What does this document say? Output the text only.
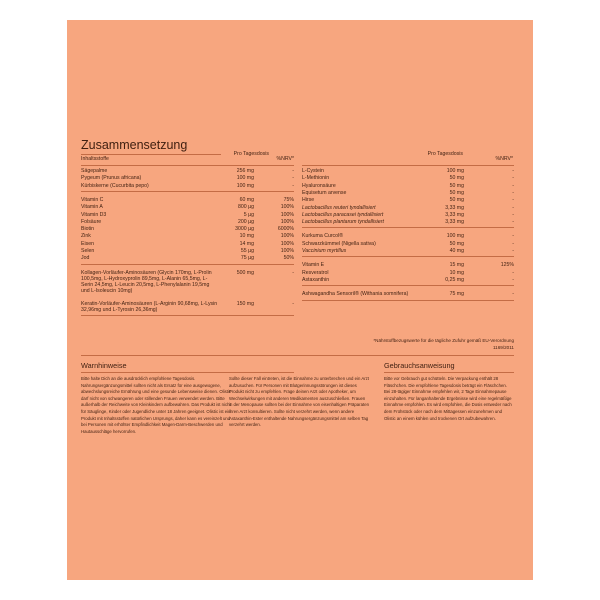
Zusammensetzung
Inhaltsstoffe
Pro Tagesdosis
%NRV*
Sägepalme	256 mg	-
Pygeum (Prunus africana)	100 mg	-
Kürbiskerne (Cucurbita pepo)	100 mg	-
Vitamin C	60 mg	75%
Vitamin A	800 µg	100%
Vitamin D3	5 µg	100%
Folsäure	200 µg	100%
Biotin	3000 µg	6000%
Zink	10 mg	100%
Eisen	14 mg	100%
Selen	55 µg	100%
Jod	75 µg	50%
Kollagen-Vorläufer-Aminosäuren (Glycin 170mg, L-Prolin 100,5mg, L-Hydroxyprolin 89,5mg, L-Alanin 65,5mg, L-Serin 24,5mg, L-Leucin 20,5mg, L-Phenylalanin 19,5mg und L-Isoleucin 10mg)
500 mg	-
Keratin-Vorläufer-Aminosäuren (L-Arginin 90,68mg, L-Lysin 32,96mg und L-Tyrosin 26,36mg)
150 mg	-
Pro Tagesdosis
%NRV*
L-Cystein	100 mg	-
L-Methionin	50 mg	-
Hyaluronsäure	50 mg	-
Equisetum arvense	50 mg	-
Hirse	50 mg	-
Lactobacillus reuteri tyndallisiert	3,33 mg	-
Lactobacillus paracasei tyndallisiert	3,33 mg	-
Lactobacillus plantarum tyndallisiert	3,33 mg	-
Kurkuma Curcol®	100 mg	-
Schwarzkümmel (Nigella sativa)	50 mg	-
Vaccinium myrtillus	40 mg	-
Vitamin E	15 mg	125%
Resveratrol	10 mg	-
Astaxanthin	0,25 mg	-
Ashwagandha Sensoril® (Withania somnifera)	75 mg	-
*Nährstoffbezugswerte für die tägliche Zufuhr gemäß EU-Verordnung 1169/2011
Warnhinweise
Bitte halte Dich an die ausdrücklich empfohlene Tagesdosis. Nahrungsergänzungsmittel sollten nicht als Ersatz für eine ausgewogene, abwechslungsreiche Ernährung und eine gesunde Lebensweise dienen. Olistic darf nicht von schwangeren oder stillenden Frauen verwendet werden. Bitte außerhalb der Reichweite von Kleinkindern aufbewahren. Das Produkt ist nicht für Säuglinge, Kinder oder Jugendliche unter 18 Jahren geeignet. Olistic ist ein Produkt mit Inhaltsstoffen natürlichen Ursprungs, daher kann es vereinzelt und bei Personen mit erhöhter Empfindlichkeit Magen-Darm-Beschwerden und Hautausschläge hervorrufen.
Sollte dieser Fall eintreten, ist die Einnahme zu unterbrechen und ein Arzt aufzusuchen. Für Personen mit Blutgerinnungsstörungen ist dieses Produkt nicht zu empfehlen. Frage deinen Arzt oder Apotheker, um Wechselwirkungen mit anderen Medikamenten auszuschließen. Frauen in der Menopause sollten bei der Einnahme von eisenhaltigen Präparaten ihren Arzt konsultieren. Sollte nicht verzehrt werden, wenn andere Astaxanthin-Ester enthaltende Nahrungsergänzungsmittel am selben Tag verzehrt werden.
Gebrauchsanweisung
Bitte vor Gebrauch gut schütteln. Die Verpackung enthält 28 Fläschchen. Die empfohlene Tagesdosis beträgt ein Fläschchen. Bei 28-tägiger Einnahme empfehlen wir, 2 Tage Einnahmepause einzuhalten. Für langanhaltende Ergebnisse wird eine regelmäßige Einnahme empfohlen. Es wird empfohlen, die Dosis entweder nach dem Frühstück oder nach dem Mittagessen einzunehmen und Olistic an einem kühlen und trockenen Ort aufzubewahren.
